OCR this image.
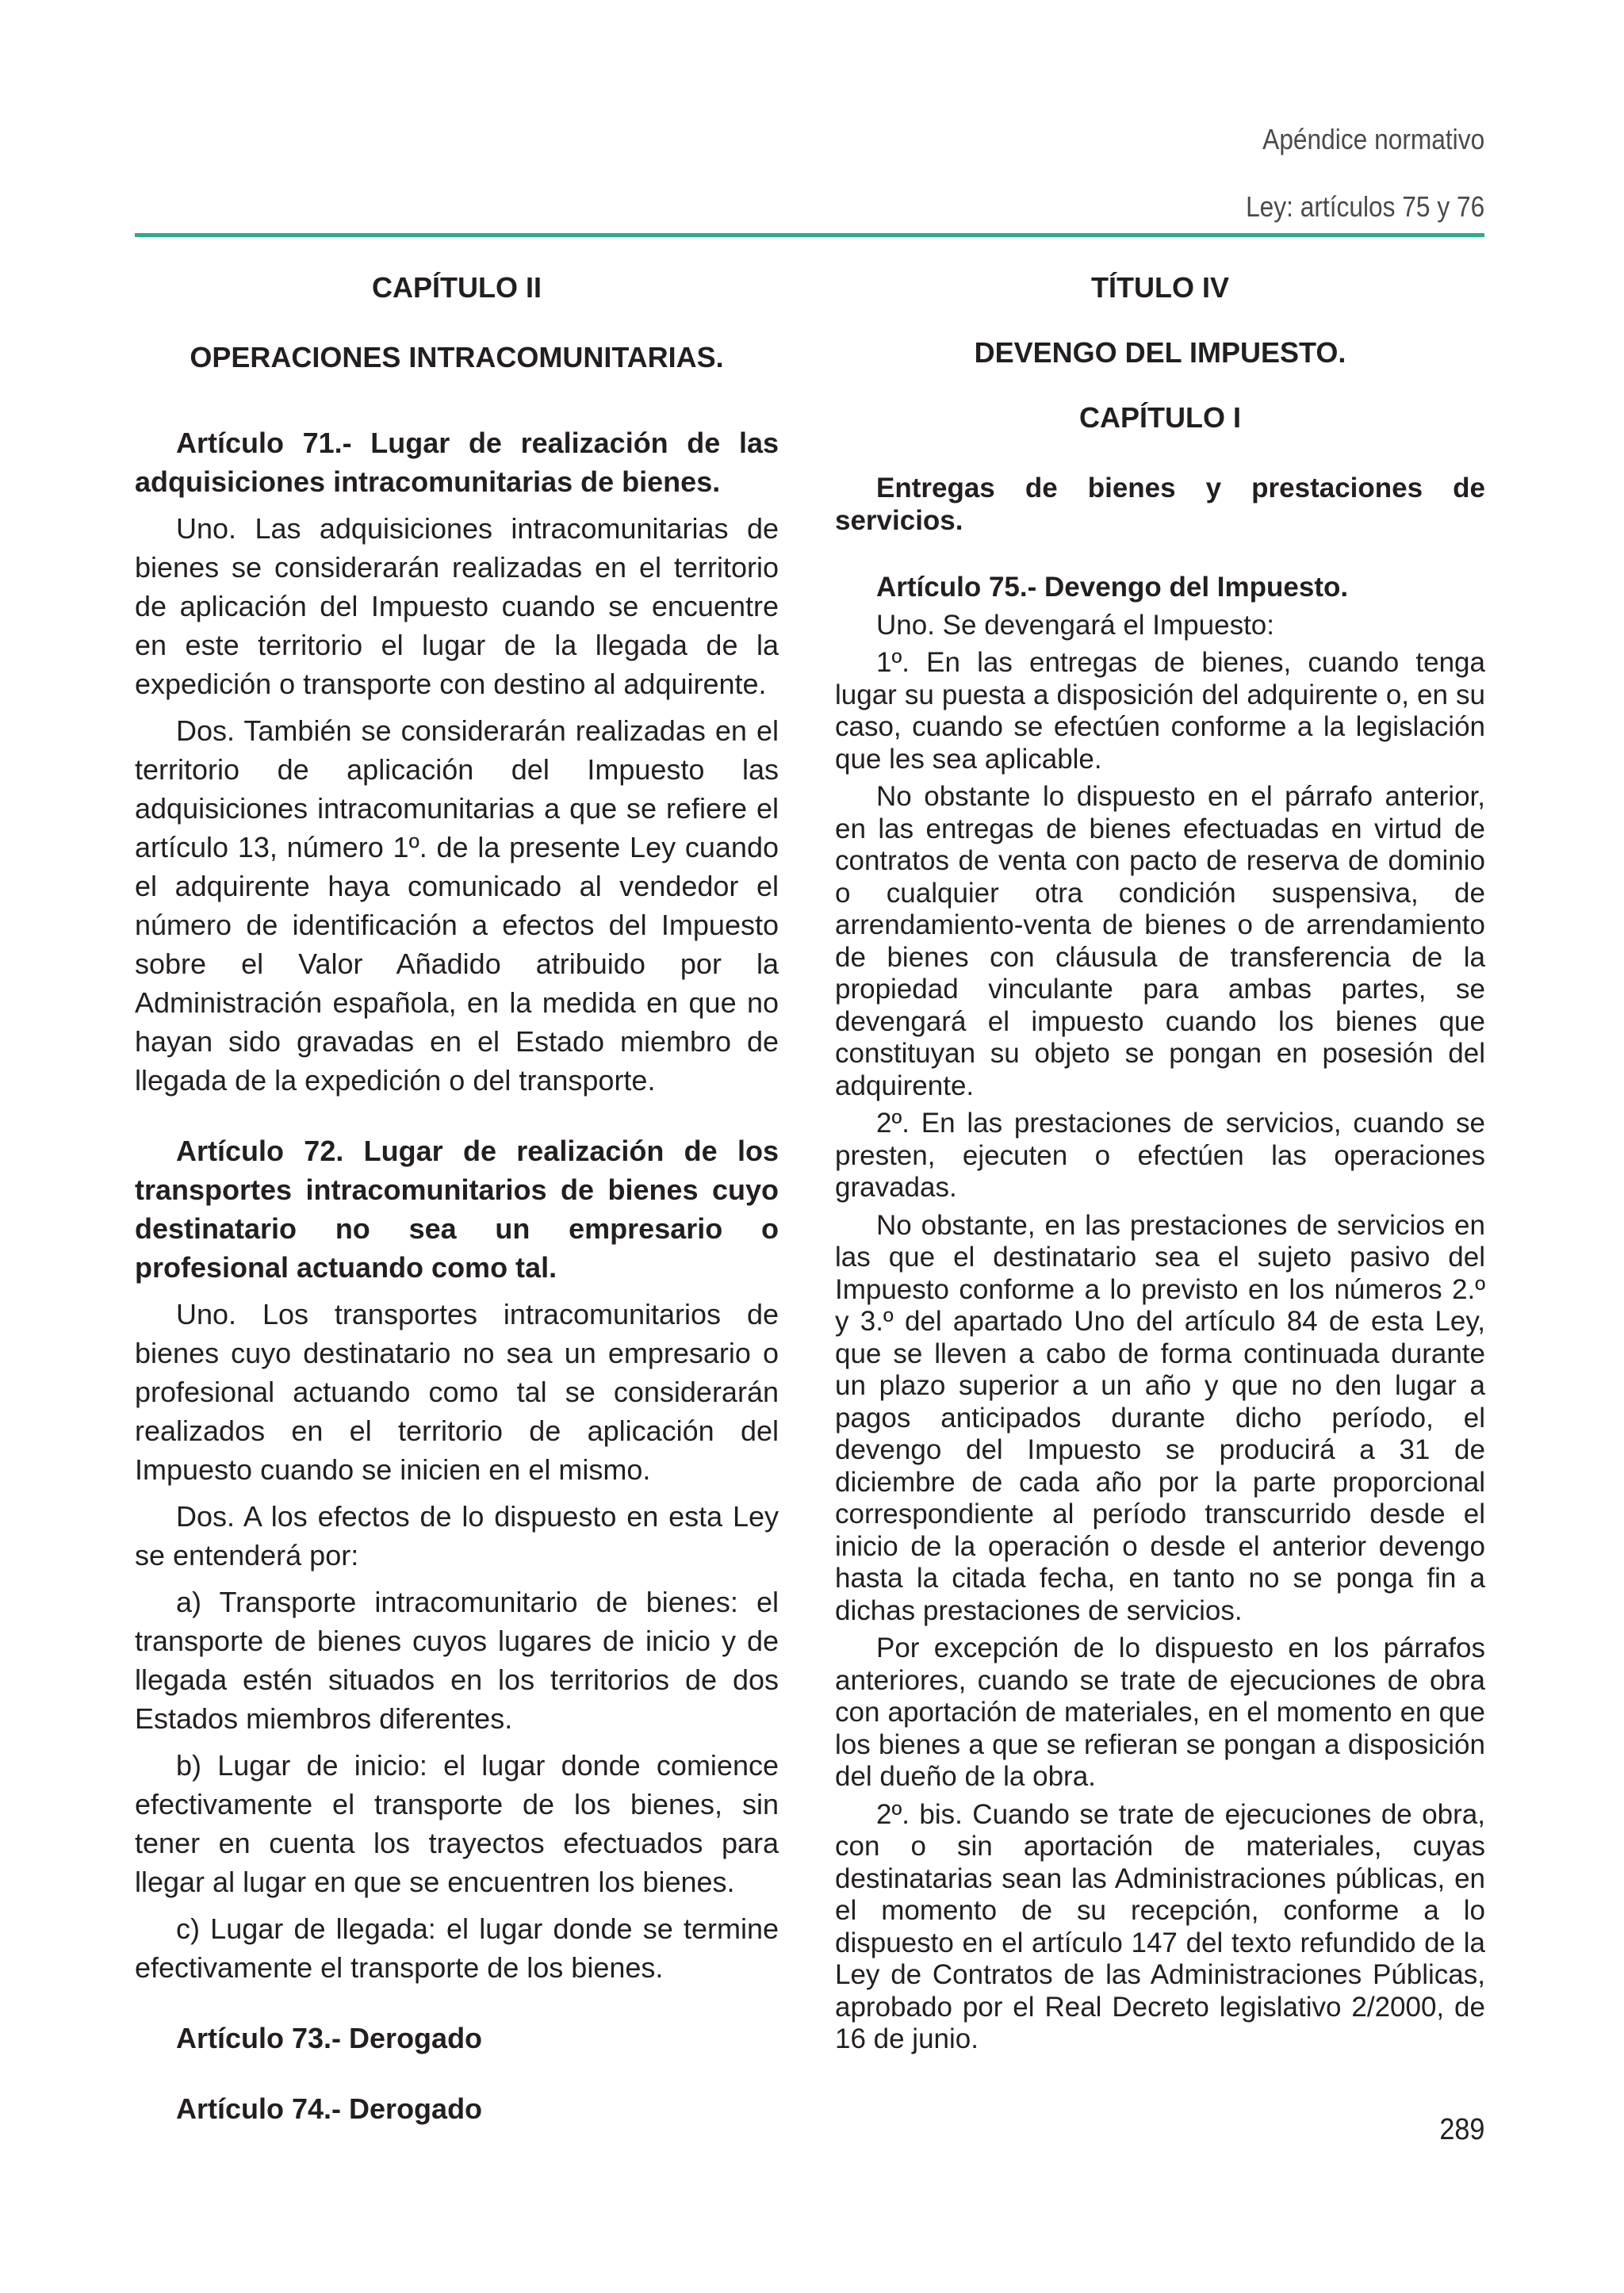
Apéndice normativo
Ley: artículos 75 y 76

CAPÍTULO II

OPERACIONES INTRACOMUNITARIAS.

Artículo 71.- Lugar de realización de las adquisiciones intracomunitarias de bienes.

Uno. Las adquisiciones intracomunitarias de bienes se considerarán realizadas en el territorio de aplicación del Impuesto cuando se encuentre en este territorio el lugar de la llegada de la expedición o transporte con destino al adquirente.

Dos. También se considerarán realizadas en el territorio de aplicación del Impuesto las adquisiciones intracomunitarias a que se refiere el artículo 13, número 1º. de la presente Ley cuando el adquirente haya comunicado al vendedor el número de identificación a efectos del Impuesto sobre el Valor Añadido atribuido por la Administración española, en la medida en que no hayan sido gravadas en el Estado miembro de llegada de la expedición o del transporte.

Artículo 72. Lugar de realización de los transportes intracomunitarios de bienes cuyo destinatario no sea un empresario o profesional actuando como tal.

Uno. Los transportes intracomunitarios de bienes cuyo destinatario no sea un empresario o profesional actuando como tal se considerarán realizados en el territorio de aplicación del Impuesto cuando se inicien en el mismo.

Dos. A los efectos de lo dispuesto en esta Ley se entenderá por:

a) Transporte intracomunitario de bienes: el transporte de bienes cuyos lugares de inicio y de llegada estén situados en los territorios de dos Estados miembros diferentes.

b) Lugar de inicio: el lugar donde comience efectivamente el transporte de los bienes, sin tener en cuenta los trayectos efectuados para llegar al lugar en que se encuentren los bienes.

c) Lugar de llegada: el lugar donde se termine efectivamente el transporte de los bienes.

Artículo 73.- Derogado

Artículo 74.- Derogado

TÍTULO IV

DEVENGO DEL IMPUESTO.

CAPÍTULO I

Entregas de bienes y prestaciones de servicios.

Artículo 75.- Devengo del Impuesto.

Uno. Se devengará el Impuesto:

1º. En las entregas de bienes, cuando tenga lugar su puesta a disposición del adquirente o, en su caso, cuando se efectúen conforme a la legislación que les sea aplicable.

No obstante lo dispuesto en el párrafo anterior, en las entregas de bienes efectuadas en virtud de contratos de venta con pacto de reserva de dominio o cualquier otra condición suspensiva, de arrendamiento-venta de bienes o de arrendamiento de bienes con cláusula de transferencia de la propiedad vinculante para ambas partes, se devengará el impuesto cuando los bienes que constituyan su objeto se pongan en posesión del adquirente.

2º. En las prestaciones de servicios, cuando se presten, ejecuten o efectúen las operaciones gravadas.

No obstante, en las prestaciones de servicios en las que el destinatario sea el sujeto pasivo del Impuesto conforme a lo previsto en los números 2.º y 3.º del apartado Uno del artículo 84 de esta Ley, que se lleven a cabo de forma continuada durante un plazo superior a un año y que no den lugar a pagos anticipados durante dicho período, el devengo del Impuesto se producirá a 31 de diciembre de cada año por la parte proporcional correspondiente al período transcurrido desde el inicio de la operación o desde el anterior devengo hasta la citada fecha, en tanto no se ponga fin a dichas prestaciones de servicios.

Por excepción de lo dispuesto en los párrafos anteriores, cuando se trate de ejecuciones de obra con aportación de materiales, en el momento en que los bienes a que se refieran se pongan a disposición del dueño de la obra.

2º. bis. Cuando se trate de ejecuciones de obra, con o sin aportación de materiales, cuyas destinatarias sean las Administraciones públicas, en el momento de su recepción, conforme a lo dispuesto en el artículo 147 del texto refundido de la Ley de Contratos de las Administraciones Públicas, aprobado por el Real Decreto legislativo 2/2000, de 16 de junio.

289
